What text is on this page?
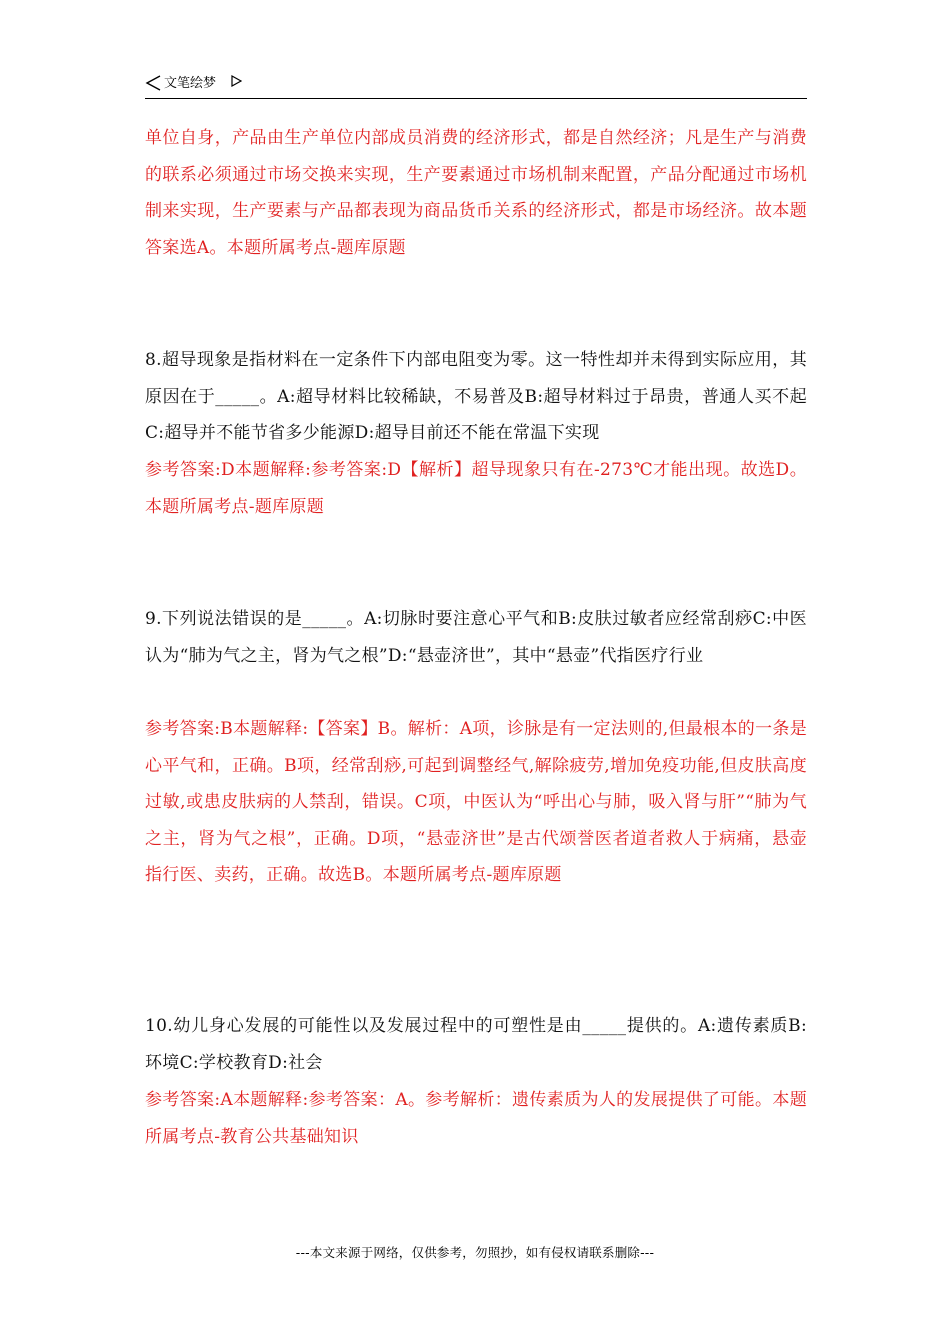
文笔绘梦
单位自身，产品由生产单位内部成员消费的经济形式，都是自然经济；凡是生产与消费的联系必须通过市场交换来实现，生产要素通过市场机制来配置，产品分配通过市场机制来实现，生产要素与产品都表现为商品货币关系的经济形式，都是市场经济。故本题答案选A。本题所属考点-题库原题
8.超导现象是指材料在一定条件下内部电阻变为零。这一特性却并未得到实际应用，其原因在于_____。A:超导材料比较稀缺，不易普及B:超导材料过于昂贵，普通人买不起C:超导并不能节省多少能源D:超导目前还不能在常温下实现
参考答案:D本题解释:参考答案:D【解析】超导现象只有在-273℃才能出现。故选D。本题所属考点-题库原题
9.下列说法错误的是_____。A:切脉时要注意心平气和B:皮肤过敏者应经常刮痧C:中医认为“肺为气之主，肾为气之根”D:“悬壶济世”，其中“悬壶”代指医疗行业
参考答案:B本题解释:【答案】B。解析：A项，诊脉是有一定法则的,但最根本的一条是心平气和，正确。B项，经常刮痧,可起到调整经气,解除疲劳,增加免疫功能,但皮肤高度过敏,或患皮肤病的人禁刮，错误。C项，中医认为“呼出心与肺，吸入肾与肝”“肺为气之主，肾为气之根”，正确。D项，“悬壶济世”是古代颂誉医者道者救人于病痛，悬壶指行医、卖药，正确。故选B。本题所属考点-题库原题
10.幼儿身心发展的可能性以及发展过程中的可塑性是由_____提供的。A:遗传素质B:环境C:学校教育D:社会
参考答案:A本题解释:参考答案：A。参考解析：遗传素质为人的发展提供了可能。本题所属考点-教育公共基础知识
---本文来源于网络，仅供参考，勿照抄，如有侵权请联系删除---
